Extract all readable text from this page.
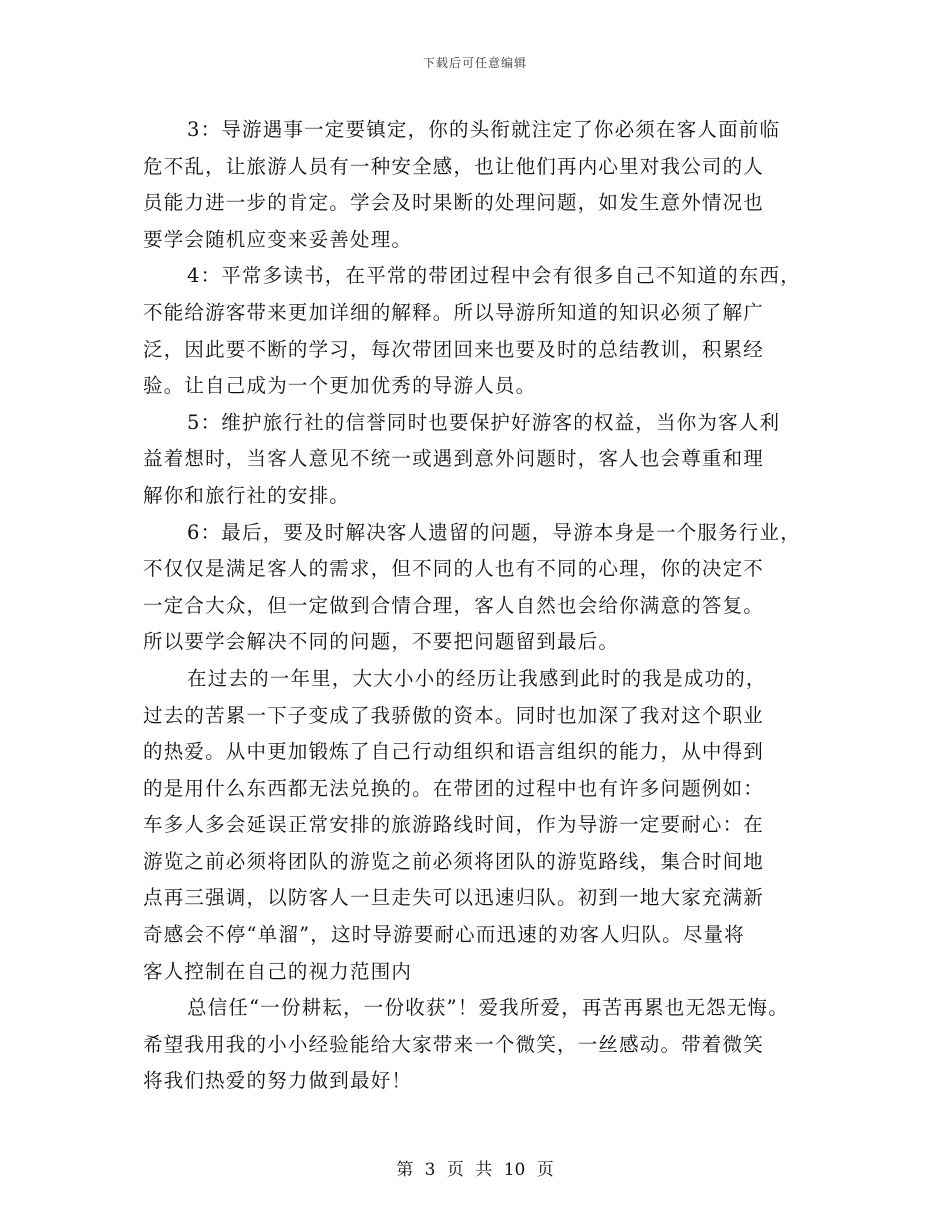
下载后可任意编辑
3：导游遇事一定要镇定，你的头衔就注定了你必须在客人面前临
危不乱，让旅游人员有一种安全感，也让他们再内心里对我公司的人
员能力进一步的肯定。学会及时果断的处理问题，如发生意外情况也
要学会随机应变来妥善处理。
4：平常多读书，在平常的带团过程中会有很多自己不知道的东西，
不能给游客带来更加详细的解释。所以导游所知道的知识必须了解广
泛，因此要不断的学习，每次带团回来也要及时的总结教训，积累经
验。让自己成为一个更加优秀的导游人员。
5：维护旅行社的信誉同时也要保护好游客的权益，当你为客人利
益着想时，当客人意见不统一或遇到意外问题时，客人也会尊重和理
解你和旅行社的安排。
6：最后，要及时解决客人遗留的问题，导游本身是一个服务行业，
不仅仅是满足客人的需求，但不同的人也有不同的心理，你的决定不
一定合大众，但一定做到合情合理，客人自然也会给你满意的答复。
所以要学会解决不同的问题，不要把问题留到最后。
在过去的一年里，大大小小的经历让我感到此时的我是成功的，
过去的苦累一下子变成了我骄傲的资本。同时也加深了我对这个职业
的热爱。从中更加锻炼了自己行动组织和语言组织的能力，从中得到
的是用什么东西都无法兑换的。在带团的过程中也有许多问题例如：
车多人多会延误正常安排的旅游路线时间，作为导游一定要耐心：在
游览之前必须将团队的游览之前必须将团队的游览路线，集合时间地
点再三强调，以防客人一旦走失可以迅速归队。初到一地大家充满新
奇感会不停“单溜”，这时导游要耐心而迅速的劝客人归队。尽量将
客人控制在自己的视力范围内
总信任“一份耕耘，一份收获”！爱我所爱，再苦再累也无怨无悔。
希望我用我的小小经验能给大家带来一个微笑，一丝感动。带着微笑
将我们热爱的努力做到最好！
第 3 页 共 10 页
